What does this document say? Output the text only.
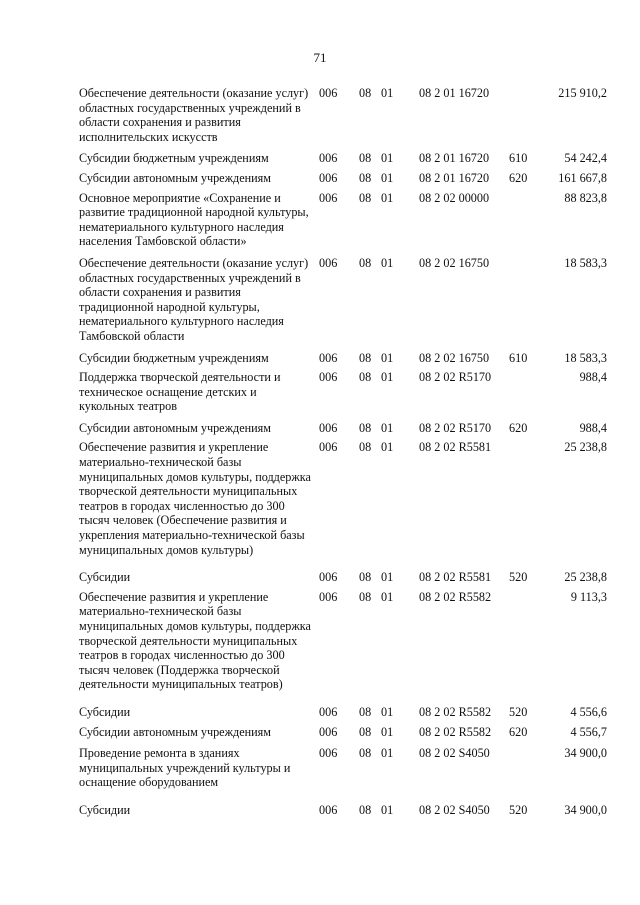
71
Обеспечение деятельности (оказание услуг) областных государственных учреждений в области сохранения и развития исполнительских искусств	006	08	01	08 2 01 16720		215 910,2
Субсидии бюджетным учреждениям	006	08	01	08 2 01 16720	610	54 242,4
Субсидии автономным учреждениям	006	08	01	08 2 01 16720	620	161 667,8
Основное мероприятие «Сохранение и развитие традиционной народной культуры, нематериального культурного наследия населения Тамбовской области»	006	08	01	08 2 02 00000		88 823,8
Обеспечение деятельности (оказание услуг) областных государственных учреждений в области сохранения и развития традиционной народной культуры, нематериального культурного наследия Тамбовской области	006	08	01	08 2 02 16750		18 583,3
Субсидии бюджетным учреждениям	006	08	01	08 2 02 16750	610	18 583,3
Поддержка творческой деятельности и техническое оснащение детских и кукольных театров	006	08	01	08 2 02 R5170		988,4
Субсидии автономным учреждениям	006	08	01	08 2 02 R5170	620	988,4
Обеспечение развития и укрепление материально-технической базы муниципальных домов культуры, поддержка творческой деятельности муниципальных театров в городах численностью до 300 тысяч человек (Обеспечение развития и укрепления материально-технической базы муниципальных домов культуры)	006	08	01	08 2 02 R5581		25 238,8
Субсидии	006	08	01	08 2 02 R5581	520	25 238,8
Обеспечение развития и укрепление материально-технической базы муниципальных домов культуры, поддержка творческой деятельности муниципальных театров в городах численностью до 300 тысяч человек (Поддержка творческой деятельности муниципальных театров)	006	08	01	08 2 02 R5582		9 113,3
Субсидии	006	08	01	08 2 02 R5582	520	4 556,6
Субсидии автономным учреждениям	006	08	01	08 2 02 R5582	620	4 556,7
Проведение ремонта в зданиях муниципальных учреждений культуры и оснащение оборудованием	006	08	01	08 2 02 S4050		34 900,0
Субсидии	006	08	01	08 2 02 S4050	520	34 900,0
